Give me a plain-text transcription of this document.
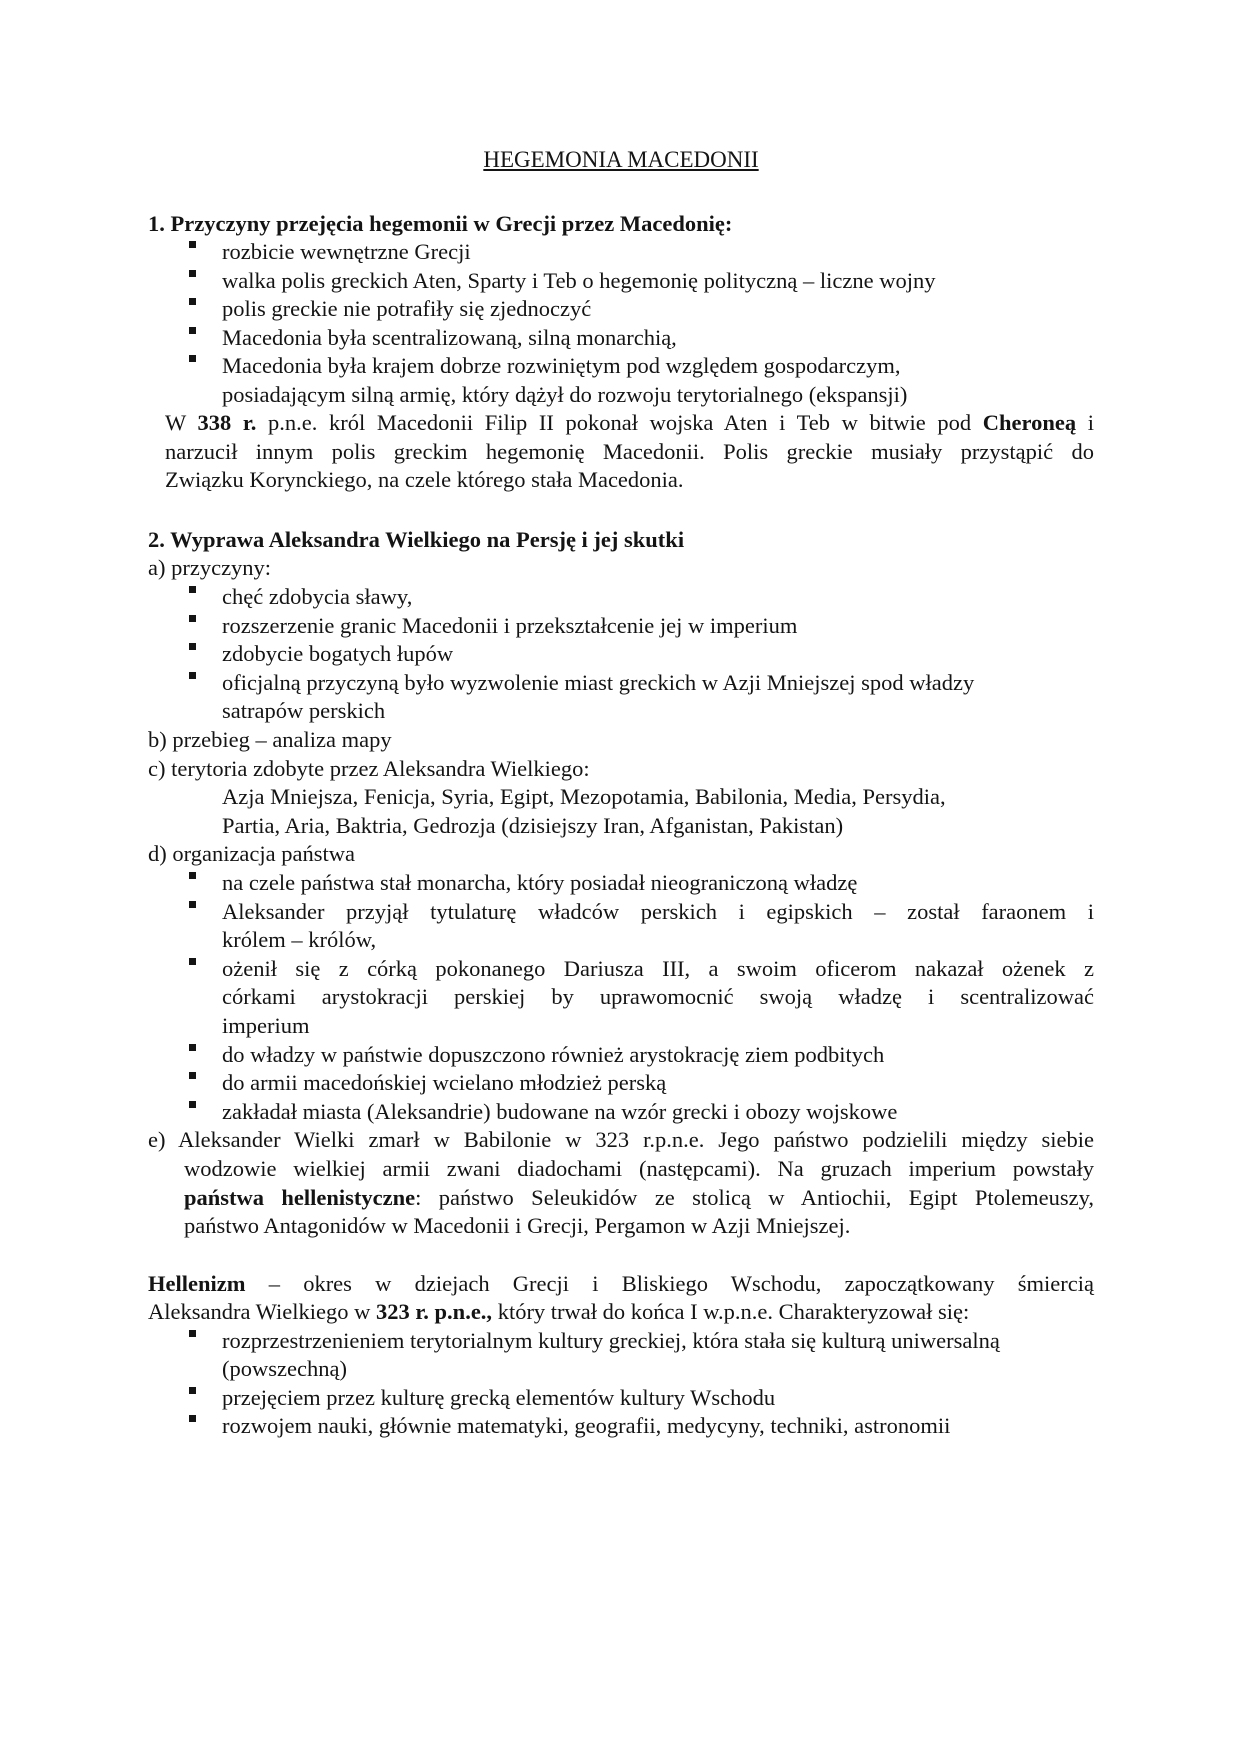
HEGEMONIA MACEDONII
1. Przyczyny przejęcia hegemonii w Grecji przez Macedonię:
rozbicie wewnętrzne Grecji
walka polis greckich Aten, Sparty i Teb o hegemonię polityczną – liczne wojny
polis greckie nie potrafiły się zjednoczyć
Macedonia była scentralizowaną, silną monarchią,
Macedonia była krajem dobrze rozwiniętym pod względem gospodarczym,
posiadającym silną armię, który dążył do rozwoju terytorialnego (ekspansji)
W 338 r. p.n.e. król Macedonii Filip II pokonał wojska Aten i Teb w bitwie pod Cheroneą i
narzucił innym polis greckim hegemonię Macedonii. Polis greckie musiały przystąpić do
Związku Korynckiego, na czele którego stała Macedonia.
2. Wyprawa Aleksandra Wielkiego na Persję i jej skutki
a) przyczyny:
chęć zdobycia sławy,
rozszerzenie granic Macedonii i przekształcenie jej w imperium
zdobycie bogatych łupów
oficjalną przyczyną było wyzwolenie miast greckich w Azji Mniejszej spod władzy
satrapów perskich
b) przebieg – analiza mapy
c) terytoria zdobyte przez Aleksandra Wielkiego:
Azja Mniejsza, Fenicja, Syria, Egipt, Mezopotamia, Babilonia, Media, Persydia,
Partia, Aria, Baktria, Gedrozja (dzisiejszy Iran, Afganistan, Pakistan)
d) organizacja państwa
na czele państwa stał monarcha, który posiadał nieograniczoną władzę
Aleksander przyjął tytulaturę władców perskich i egipskich – został faraonem i
królem – królów,
ożenił się z córką pokonanego Dariusza III, a swoim oficerom nakazał ożenek z
córkami arystokracji perskiej by uprawomocnić swoją władzę i scentralizować
imperium
do władzy w państwie dopuszczono również arystokrację ziem podbitych
do armii macedońskiej wcielano młodzież perską
zakładał miasta (Aleksandrie) budowane na wzór grecki i obozy wojskowe
e) Aleksander Wielki zmarł w Babilonie w 323 r.p.n.e. Jego państwo podzielili między siebie
wodzowie wielkiej armii zwani diadochami (następcami). Na gruzach imperium powstały
państwa hellenistyczne: państwo Seleukidów ze stolicą w Antiochii, Egipt Ptolemeuszy,
państwo Antagonidów w Macedonii i Grecji, Pergamon w Azji Mniejszej.
Hellenizm – okres w dziejach Grecji i Bliskiego Wschodu, zapoczątkowany śmiercią
Aleksandra Wielkiego w 323 r. p.n.e., który trwał do końca I w.p.n.e. Charakteryzował się:
rozprzestrzenieniem terytorialnym kultury greckiej, która stała się kulturą uniwersalną
(powszechną)
przejęciem przez kulturę grecką elementów kultury Wschodu
rozwojem nauki, głównie matematyki, geografii, medycyny, techniki, astronomii
